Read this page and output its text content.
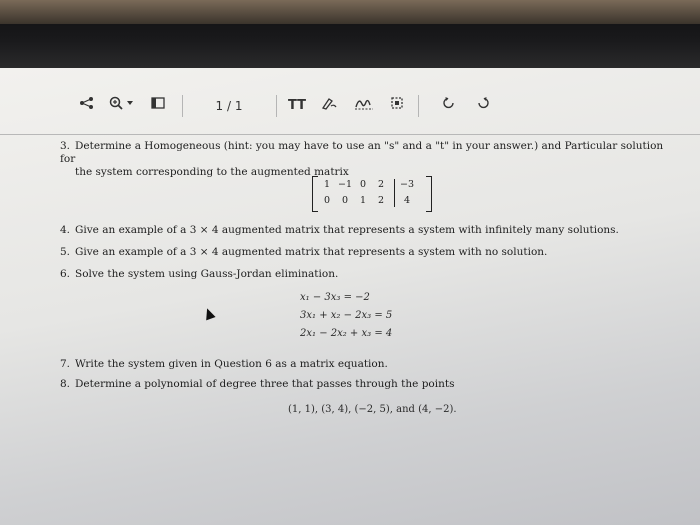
1 / 1	TT
3. Determine a Homogeneous (hint: you may have to use an "s" and a "t" in your answer.) and Particular solution for
the system corresponding to the augmented matrix
1 −1 0	2	−3
0	0	1	2	4
4. Give an example of a 3 × 4 augmented matrix that represents a system with infinitely many solutions.
5. Give an example of a 3 × 4 augmented matrix that represents a system with no solution.
6. Solve the system using Gauss-Jordan elimination.
x₁ − 3x₃ = −2
3x₁ + x₂ − 2x₃ = 5
2x₁ − 2x₂ + x₃ = 4
7. Write the system given in Question 6 as a matrix equation.
8. Determine a polynomial of degree three that passes through the points
(1, 1), (3, 4), (−2, 5), and (4, −2).
